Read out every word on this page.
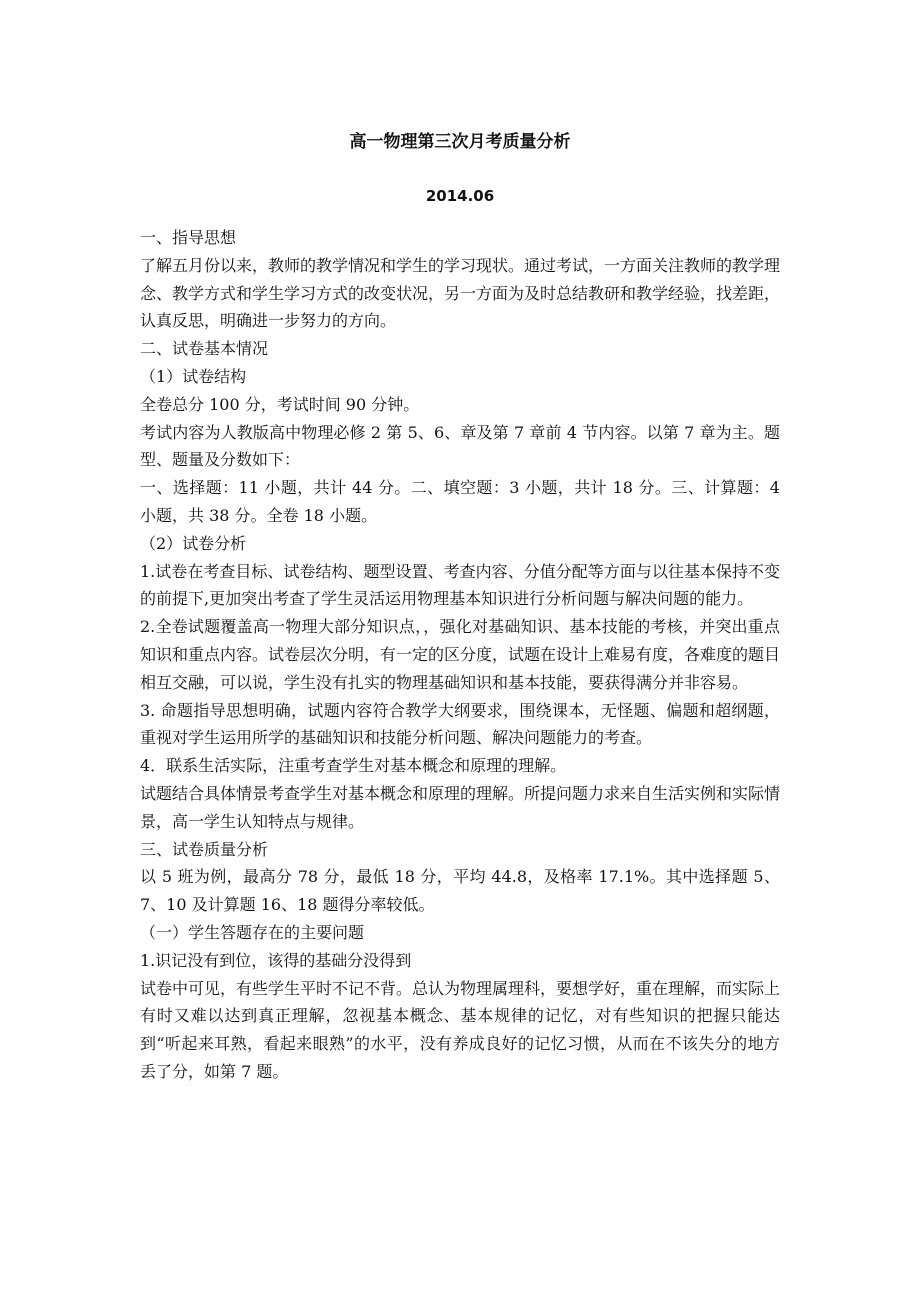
高一物理第三次月考质量分析
2014.06

一、指导思想

了解五月份以来，教师的教学情况和学生的学习现状。通过考试，一方面关注教师的教学理念、教学方式和学生学习方式的改变状况，另一方面为及时总结教研和教学经验，找差距，认真反思，明确进一步努力的方向。

二、试卷基本情况

（1）试卷结构

全卷总分 100 分，考试时间 90 分钟。

考试内容为人教版高中物理必修 2 第 5、6、章及第 7 章前 4 节内容。以第 7 章为主。题型、题量及分数如下：

一、选择题：11 小题，共计 44 分。二、填空题：3 小题，共计 18 分。三、计算题：4 小题，共 38 分。全卷 18 小题。

（2）试卷分析

1.试卷在考查目标、试卷结构、题型设置、考查内容、分值分配等方面与以往基本保持不变的前提下,更加突出考查了学生灵活运用物理基本知识进行分析问题与解决问题的能力。

2.全卷试题覆盖高一物理大部分知识点，，强化对基础知识、基本技能的考核，并突出重点知识和重点内容。试卷层次分明，有一定的区分度，试题在设计上难易有度，各难度的题目相互交融，可以说，学生没有扎实的物理基础知识和基本技能，要获得满分并非容易。

3. 命题指导思想明确，试题内容符合教学大纲要求，围绕课本，无怪题、偏题和超纲题，重视对学生运用所学的基础知识和技能分析问题、解决问题能力的考查。

4．联系生活实际，注重考查学生对基本概念和原理的理解。

试题结合具体情景考查学生对基本概念和原理的理解。所提问题力求来自生活实例和实际情景，高一学生认知特点与规律。

三、试卷质量分析

以 5 班为例，最高分 78 分，最低 18 分，平均 44.8，及格率 17.1%。其中选择题 5、7、10 及计算题 16、18 题得分率较低。

（一）学生答题存在的主要问题

1.识记没有到位，该得的基础分没得到

试卷中可见，有些学生平时不记不背。总认为物理属理科，要想学好，重在理解，而实际上有时又难以达到真正理解，忽视基本概念、基本规律的记忆，对有些知识的把握只能达到“听起来耳熟，看起来眼熟”的水平，没有养成良好的记忆习惯，从而在不该失分的地方丢了分，如第 7 题。
